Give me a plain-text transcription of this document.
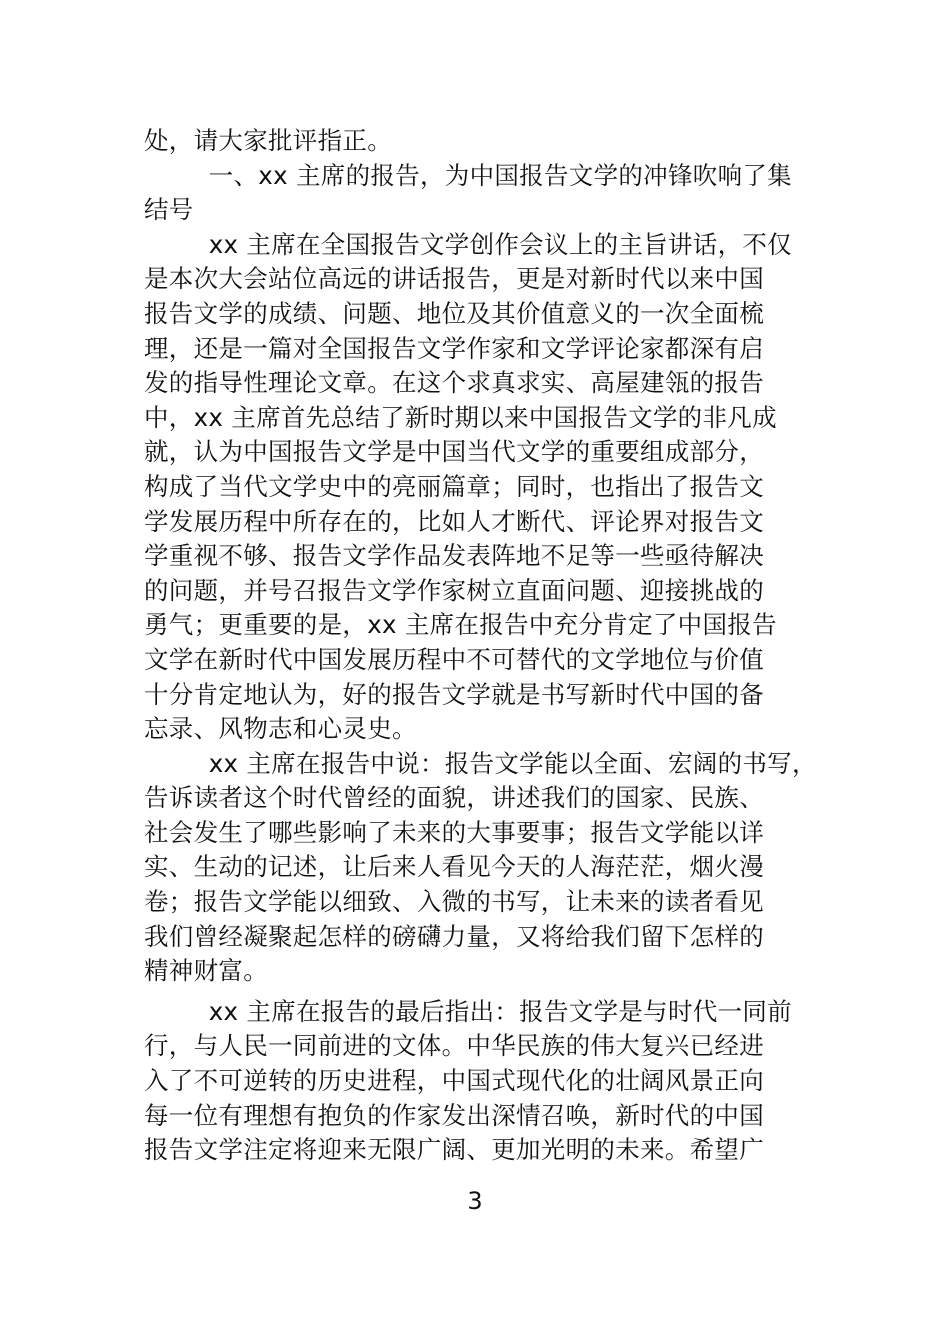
处，请大家批评指正。
一、xx 主席的报告，为中国报告文学的冲锋吹响了集
结号
xx 主席在全国报告文学创作会议上的主旨讲话，不仅
是本次大会站位高远的讲话报告，更是对新时代以来中国
报告文学的成绩、问题、地位及其价值意义的一次全面梳
理，还是一篇对全国报告文学作家和文学评论家都深有启
发的指导性理论文章。在这个求真求实、高屋建瓴的报告
中，xx 主席首先总结了新时期以来中国报告文学的非凡成
就，认为中国报告文学是中国当代文学的重要组成部分，
构成了当代文学史中的亮丽篇章；同时，也指出了报告文
学发展历程中所存在的，比如人才断代、评论界对报告文
学重视不够、报告文学作品发表阵地不足等一些亟待解决
的问题，并号召报告文学作家树立直面问题、迎接挑战的
勇气；更重要的是，xx 主席在报告中充分肯定了中国报告
文学在新时代中国发展历程中不可替代的文学地位与价值
十分肯定地认为，好的报告文学就是书写新时代中国的备
忘录、风物志和心灵史。
xx 主席在报告中说：报告文学能以全面、宏阔的书写，
告诉读者这个时代曾经的面貌，讲述我们的国家、民族、
社会发生了哪些影响了未来的大事要事；报告文学能以详
实、生动的记述，让后来人看见今天的人海茫茫，烟火漫
卷；报告文学能以细致、入微的书写，让未来的读者看见
我们曾经凝聚起怎样的磅礴力量，又将给我们留下怎样的
精神财富。
xx 主席在报告的最后指出：报告文学是与时代一同前
行，与人民一同前进的文体。中华民族的伟大复兴已经进
入了不可逆转的历史进程，中国式现代化的壮阔风景正向
每一位有理想有抱负的作家发出深情召唤，新时代的中国
报告文学注定将迎来无限广阔、更加光明的未来。希望广
3
